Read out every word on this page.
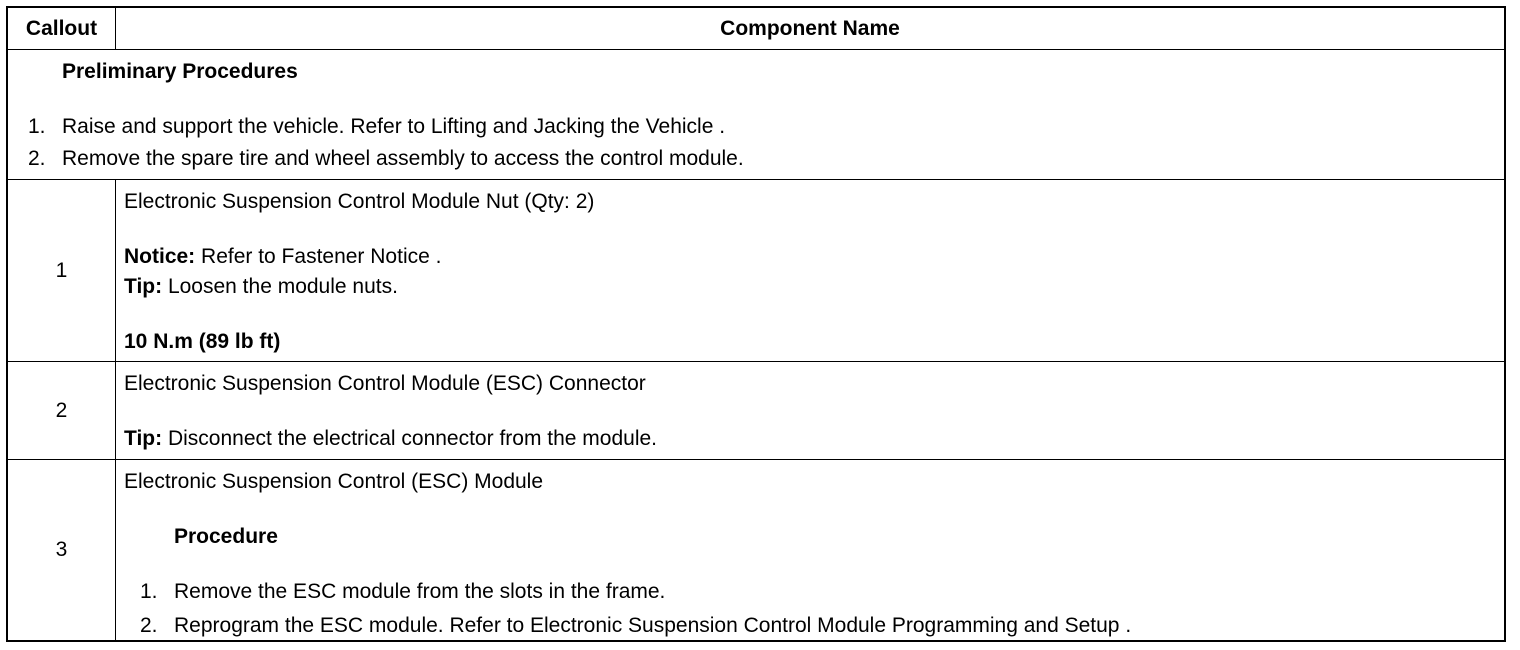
Callout	Component Name
Preliminary Procedures
1. Raise and support the vehicle. Refer to Lifting and Jacking the Vehicle .
2. Remove the spare tire and wheel assembly to access the control module.
1
Electronic Suspension Control Module Nut (Qty: 2)
Notice: Refer to Fastener Notice .
Tip: Loosen the module nuts.
10 N.m (89 lb ft)
2
Electronic Suspension Control Module (ESC) Connector
Tip: Disconnect the electrical connector from the module.
3
Electronic Suspension Control (ESC) Module
Procedure
1. Remove the ESC module from the slots in the frame.
2. Reprogram the ESC module. Refer to Electronic Suspension Control Module Programming and Setup .
